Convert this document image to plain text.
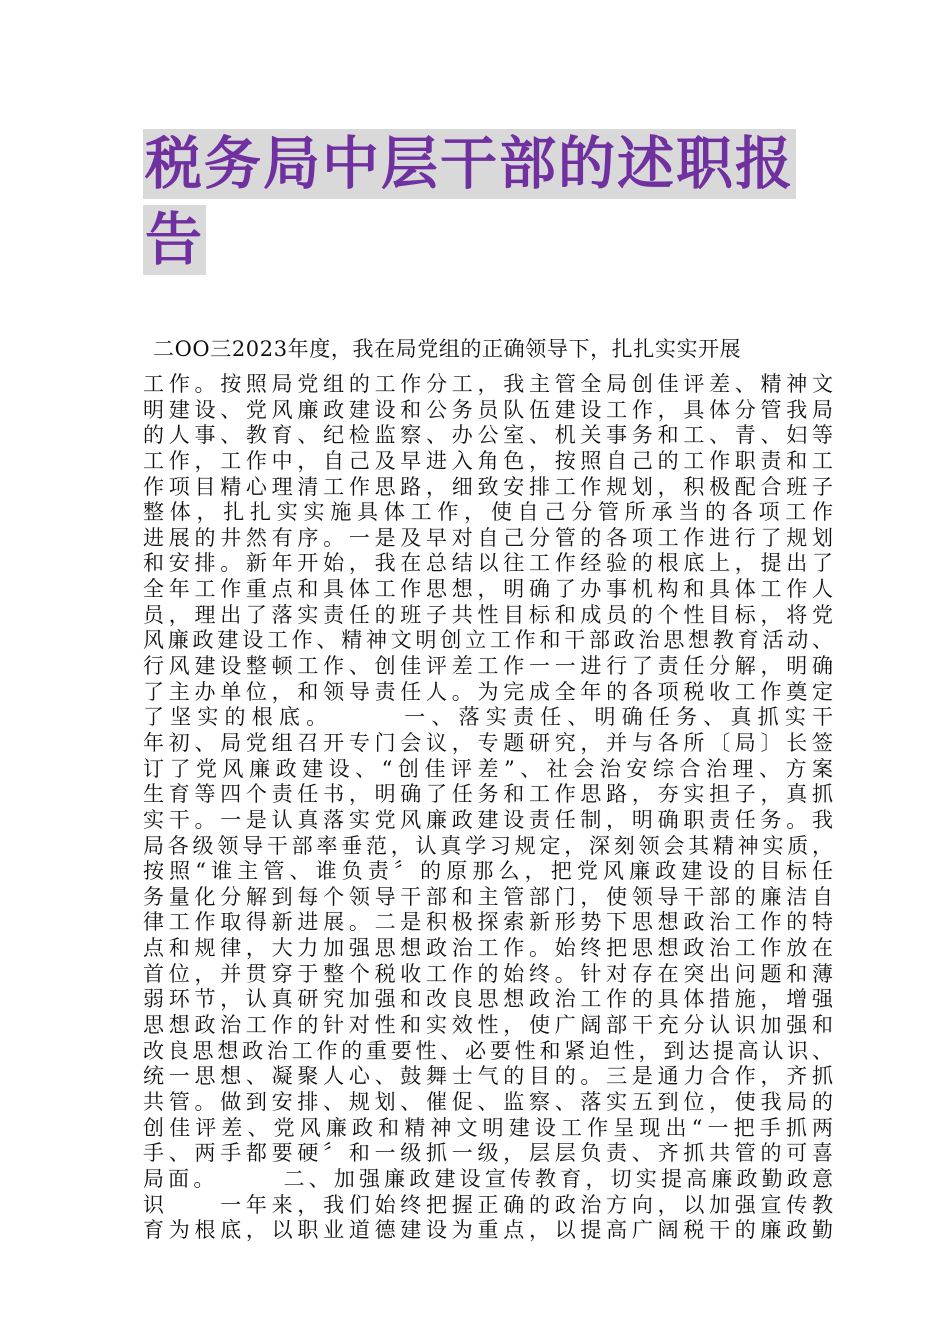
税务局中层干部的述职报
告
二OO三2023年度，我在局党组的正确领导下，扎扎实实开展
工作。按照局党组的工作分工，我主管全局创佳评差、精神文
明建设、党风廉政建设和公务员队伍建设工作，具体分管我局
的人事、教育、纪检监察、办公室、机关事务和工、青、妇等
工作，工作中，自己及早进入角色，按照自己的工作职责和工
作项目精心理清工作思路，细致安排工作规划，积极配合班子
整体，扎扎实实施具体工作，使自己分管所承当的各项工作
进展的井然有序。一是及早对自己分管的各项工作进行了规划
和安排。新年开始，我在总结以往工作经验的根底上，提出了
全年工作重点和具体工作思想，明确了办事机构和具体工作人
员，理出了落实责任的班子共性目标和成员的个性目标，将党
风廉政建设工作、精神文明创立工作和干部政治思想教育活动、
行风建设整顿工作、创佳评差工作一一进行了责任分解，明确
了主办单位，和领导责任人。为完成全年的各项税收工作奠定
了坚实的根底。　　　一、落实责任、明确任务、真抓实干
年初、局党组召开专门会议，专题研究，并与各所〔局〕长签
订了党风廉政建设、“创佳评差”、社会治安综合治理、方案
生育等四个责任书，明确了任务和工作思路，夯实担子，真抓
实干。一是认真落实党风廉政建设责任制，明确职责任务。我
局各级领导干部率垂范，认真学习规定，深刻领会其精神实质，
按照“谁主管、谁负责〞的原那么，把党风廉政建设的目标任
务量化分解到每个领导干部和主管部门，使领导干部的廉洁自
律工作取得新进展。二是积极探索新形势下思想政治工作的特
点和规律，大力加强思想政治工作。始终把思想政治工作放在
首位，并贯穿于整个税收工作的始终。针对存在突出问题和薄
弱环节，认真研究加强和改良思想政治工作的具体措施，增强
思想政治工作的针对性和实效性，使广阔部干充分认识加强和
改良思想政治工作的重要性、必要性和紧迫性，到达提高认识、
统一思想、凝聚人心、鼓舞士气的目的。三是通力合作，齐抓
共管。做到安排、规划、催促、监察、落实五到位，使我局的
创佳评差、党风廉政和精神文明建设工作呈现出“一把手抓两
手、两手都要硬〞和一级抓一级，层层负责、齐抓共管的可喜
局面。　　　二、加强廉政建设宣传教育，切实提高廉政勤政意
识　　一年来，我们始终把握正确的政治方向，以加强宣传教
育为根底，以职业道德建设为重点，以提高广阔税干的廉政勤
